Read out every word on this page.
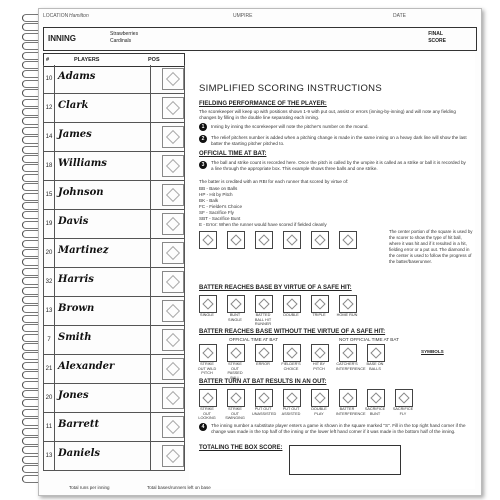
LOCATION Hamilton	UMPIRE	DATE
INNING	Strawberries
Cardinals
FINAL
SCORE
#	PLAYERS	POS
10 Adams
12 Clark
14 James
18 Williams
15 Johnson
19 Davis
20 Martinez
32 Harris
13 Brown
7 Smith
21 Alexander
20 Jones
11 Barrett
13 Daniels
SIMPLIFIED SCORING INSTRUCTIONS
FIELDING PERFORMANCE OF THE PLAYER:
The scorekeeper will keep up with positions shown 1-9 with put out, assist or errors (inning-by-inning) and will note any fielding changes by filling in the double line separating each inning.
1	Inning by inning the scorekeeper will note the pitcher's number on the mound.
2	The relief pitchers number is added when a pitching change is made in the same inning on a heavy dark line will show the last batter the starting pitcher pitched to.
OFFICIAL TIME AT BAT:
3	The ball and strike count is recorded here. Once the pitch is called by the umpire it is called as a strike or ball it is recorded by a line through the appropriate box. This example shows three balls and one strike.
The batter is credited with an RBI for each runner that scored by virtue of:
BB - Base on Balls
HP - Hit by Pitch
BK - Balk
FC - Fielder's Choice
SF - Sacrifice Fly
SBT - Sacrifice Bunt
E - Error: When the runner would have scored if fielded cleanly
The center portion of the square is used by the scorer to show the type of hit ball, where it was hit and if it resulted in a hit, fielding error or a put out. The diamond in the center is used to follow the progress of the batter/baserunner.
BATTER REACHES BASE BY VIRTUE OF A SAFE HIT:
SINGLE	BUNT SINGLE
BATTED BALL HIT RUNNER
DOUBLE	TRIPLE	HOME RUN
BATTER REACHES BASE WITHOUT THE VIRTUE OF A SAFE HIT:
OFFICIAL TIME AT BAT	NOT OFFICIAL TIME AT BAT
STRIKE OUT WILD PITCH
STRIKE OUT PASSED BALL
ERROR	FIELDER'S CHOICE
HIT BY PITCH
CATCHER'S INTERFERENCE
BASE ON BALLS
SYMBOLS
BATTER TURN AT BAT RESULTS IN AN OUT:
STRIKE OUT LOOKING
STRIKE OUT SWINGING
PUT OUT UNASSISTED
PUT OUT ASSISTED
DOUBLE PLAY
BATTER INTERFERENCE
SACRIFICE BUNT
SACRIFICE FLY
4	The inning number a substitute player enters a game is shown in the square marked "S". Fill in the top right hand corner if the change was made in the top half of the inning or the lower left hand corner if it was made in the bottom half of the inning.
TOTALING THE BOX SCORE:
Total runs per inning	Total bases/runners left on base
